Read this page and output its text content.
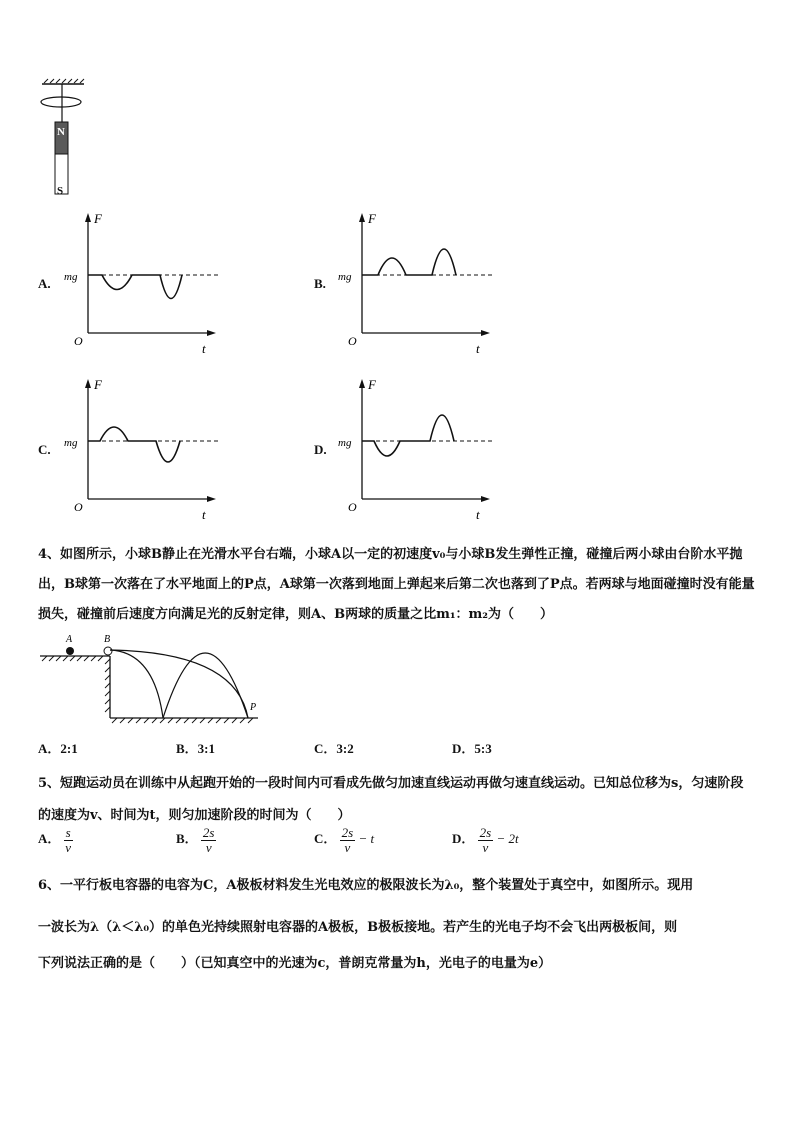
N
S
A.
F
mg
O	t
B.
F
mg
O	t
C.
F
mg
O	t
D.
F
mg
O	t
4、如图所示，小球B静止在光滑水平台右端，小球A以一定的初速度v₀与小球B发生弹性正撞，碰撞后两小球由台阶水平抛出，B球第一次落在了水平地面上的P点，A球第一次落到地面上弹起来后第二次也落到了P点。若两球与地面碰撞时没有能量损失，碰撞前后速度方向满足光的反射定律，则A、B两球的质量之比m₁：m₂为（　　）
A	B
P
A．2:1	B．3:1	C．3:2	D．5:3
5、短跑运动员在训练中从起跑开始的一段时间内可看成先做匀加速直线运动再做匀速直线运动。已知总位移为s，匀速阶段的速度为v、时间为t，则匀加速阶段的时间为（　　）
A． $\frac{s}{v}$	B． $\frac{2s}{v}$	C． $\frac{2s}{v} - t$	D． $\frac{2s}{v} - 2t$
6、一平行板电容器的电容为C，A极板材料发生光电效应的极限波长为λ₀，整个装置处于真空中，如图所示。现用
一波长为λ（λ＜λ₀）的单色光持续照射电容器的A极板，B极板接地。若产生的光电子均不会飞出两极板间，则
下列说法正确的是（　　）（已知真空中的光速为c，普朗克常量为h，光电子的电量为e）
